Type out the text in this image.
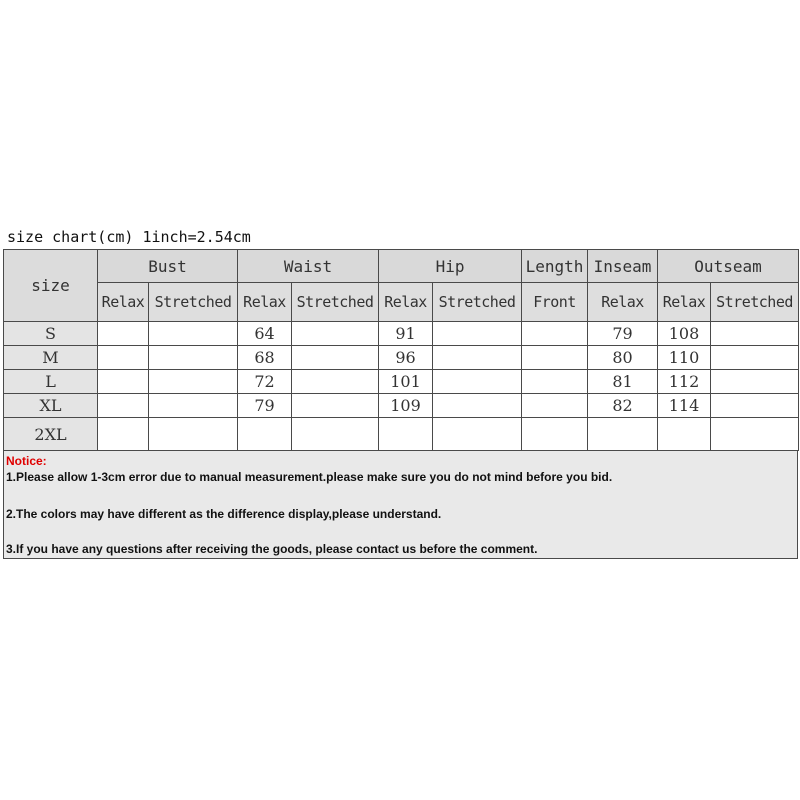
size chart(cm) 1inch=2.54cm
size	Bust		Waist		Hip		Length	Inseam	Outseam	
	Relax	Stretched	Relax	Stretched	Relax	Stretched	Front	Relax	Relax	Stretched
S			64		91			79	108	
M			68		96			80	110	
L			72		101			81	112	
XL			79		109			82	114	
2XL										
Notice:
1.Please allow 1-3cm error due to manual measurement.please make sure you do not mind before you bid.
2.The colors may have different as the difference display,please understand.
3.If you have any questions after receiving the goods, please contact us before the comment.
